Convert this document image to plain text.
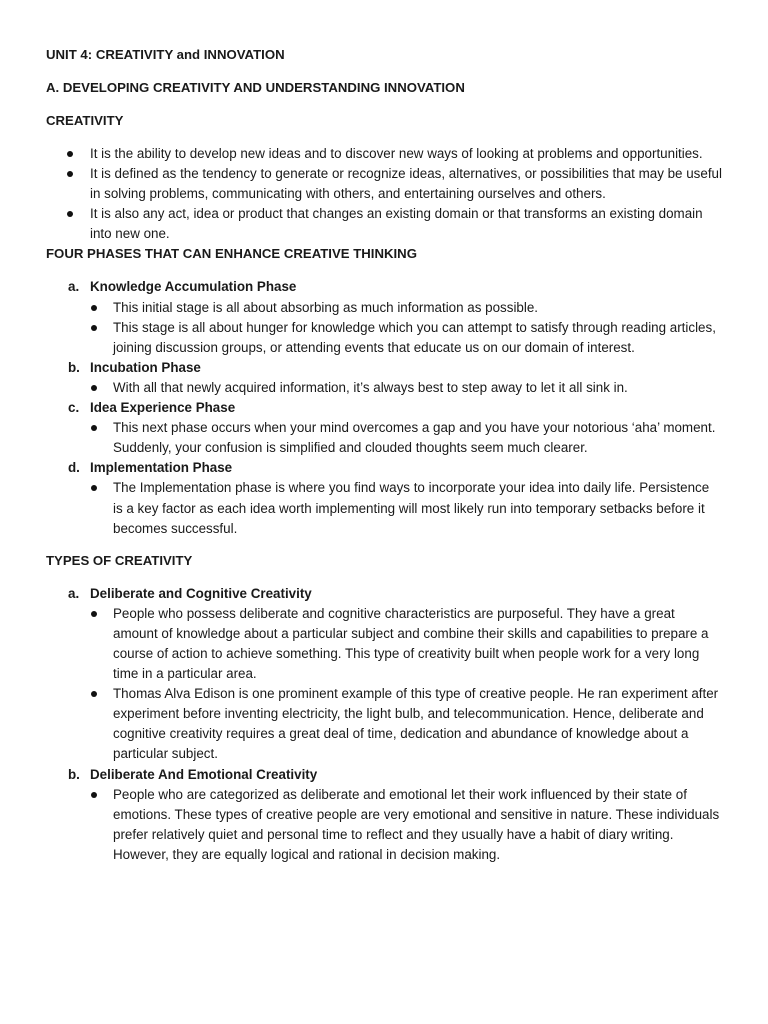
UNIT 4: CREATIVITY and INNOVATION

A. DEVELOPING CREATIVITY AND UNDERSTANDING INNOVATION

CREATIVITY

It is the ability to develop new ideas and to discover new ways of looking at problems and opportunities.
It is defined as the tendency to generate or recognize ideas, alternatives, or possibilities that may be useful in solving problems, communicating with others, and entertaining ourselves and others.
It is also any act, idea or product that changes an existing domain or that transforms an existing domain into new one.

FOUR PHASES THAT CAN ENHANCE CREATIVE THINKING

a. Knowledge Accumulation Phase
This initial stage is all about absorbing as much information as possible.
This stage is all about hunger for knowledge which you can attempt to satisfy through reading articles, joining discussion groups, or attending events that educate us on our domain of interest.
b. Incubation Phase
With all that newly acquired information, it’s always best to step away to let it all sink in.
c. Idea Experience Phase
This next phase occurs when your mind overcomes a gap and you have your notorious ‘aha’ moment. Suddenly, your confusion is simplified and clouded thoughts seem much clearer.
d. Implementation Phase
The Implementation phase is where you find ways to incorporate your idea into daily life. Persistence is a key factor as each idea worth implementing will most likely run into temporary setbacks before it becomes successful.

TYPES OF CREATIVITY

a. Deliberate and Cognitive Creativity
People who possess deliberate and cognitive characteristics are purposeful. They have a great amount of knowledge about a particular subject and combine their skills and capabilities to prepare a course of action to achieve something. This type of creativity built when people work for a very long time in a particular area.
Thomas Alva Edison is one prominent example of this type of creative people. He ran experiment after experiment before inventing electricity, the light bulb, and telecommunication. Hence, deliberate and cognitive creativity requires a great deal of time, dedication and abundance of knowledge about a particular subject.
b. Deliberate And Emotional Creativity
People who are categorized as deliberate and emotional let their work influenced by their state of emotions. These types of creative people are very emotional and sensitive in nature. These individuals prefer relatively quiet and personal time to reflect and they usually have a habit of diary writing. However, they are equally logical and rational in decision making.
